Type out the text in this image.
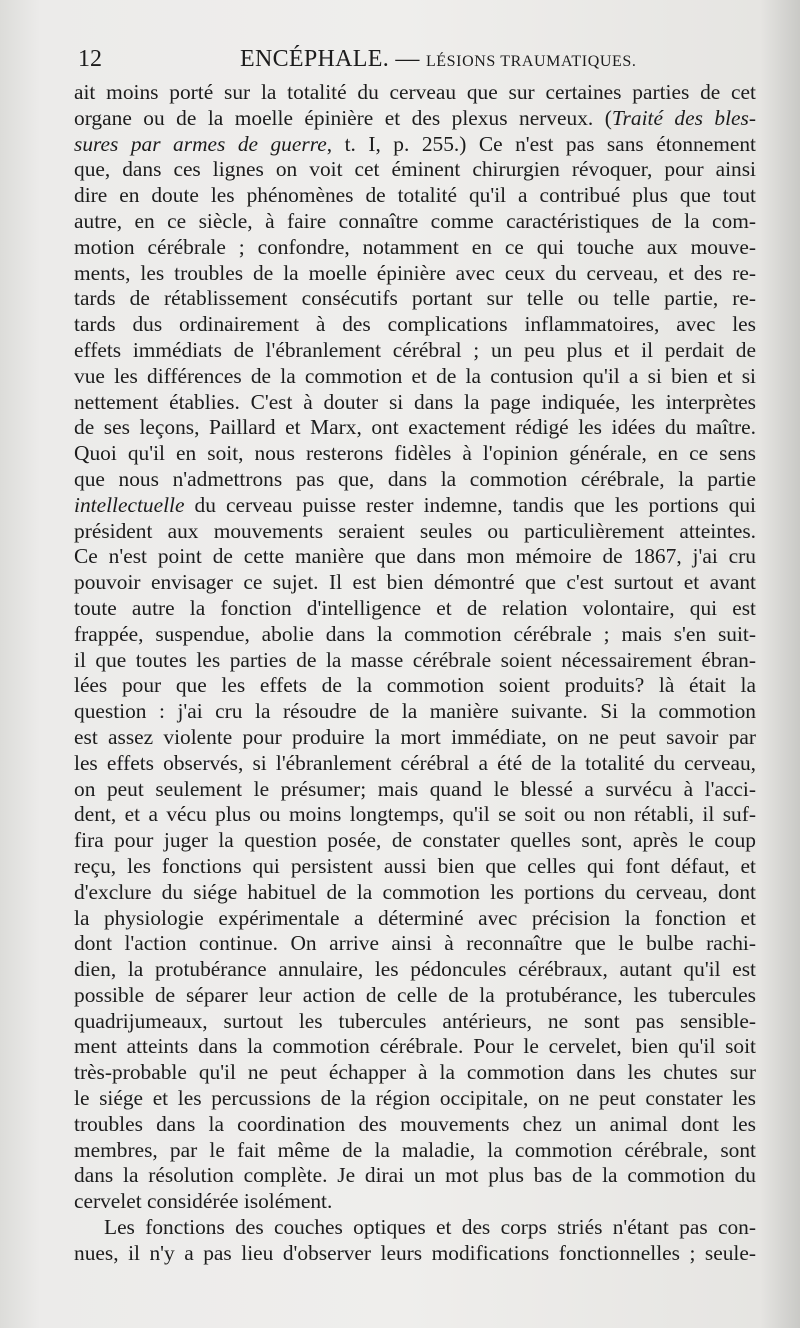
12	ENCÉPHALE. — LÉSIONS TRAUMATIQUES.
ait moins porté sur la totalité du cerveau que sur certaines parties de cet
organe ou de la moelle épinière et des plexus nerveux. (Traité des bles-
sures par armes de guerre, t. I, p. 255.) Ce n'est pas sans étonnement
que, dans ces lignes on voit cet éminent chirurgien révoquer, pour ainsi
dire en doute les phénomènes de totalité qu'il a contribué plus que tout
autre, en ce siècle, à faire connaître comme caractéristiques de la com-
motion cérébrale ; confondre, notamment en ce qui touche aux mouve-
ments, les troubles de la moelle épinière avec ceux du cerveau, et des re-
tards de rétablissement consécutifs portant sur telle ou telle partie, re-
tards dus ordinairement à des complications inflammatoires, avec les
effets immédiats de l'ébranlement cérébral ; un peu plus et il perdait de
vue les différences de la commotion et de la contusion qu'il a si bien et si
nettement établies. C'est à douter si dans la page indiquée, les interprètes
de ses leçons, Paillard et Marx, ont exactement rédigé les idées du maître.
Quoi qu'il en soit, nous resterons fidèles à l'opinion générale, en ce sens
que nous n'admettrons pas que, dans la commotion cérébrale, la partie
intellectuelle du cerveau puisse rester indemne, tandis que les portions qui
président aux mouvements seraient seules ou particulièrement atteintes.
Ce n'est point de cette manière que dans mon mémoire de 1867, j'ai cru
pouvoir envisager ce sujet. Il est bien démontré que c'est surtout et avant
toute autre la fonction d'intelligence et de relation volontaire, qui est
frappée, suspendue, abolie dans la commotion cérébrale ; mais s'en suit-
il que toutes les parties de la masse cérébrale soient nécessairement ébran-
lées pour que les effets de la commotion soient produits? là était la
question : j'ai cru la résoudre de la manière suivante. Si la commotion
est assez violente pour produire la mort immédiate, on ne peut savoir par
les effets observés, si l'ébranlement cérébral a été de la totalité du cerveau,
on peut seulement le présumer; mais quand le blessé a survécu à l'acci-
dent, et a vécu plus ou moins longtemps, qu'il se soit ou non rétabli, il suf-
fira pour juger la question posée, de constater quelles sont, après le coup
reçu, les fonctions qui persistent aussi bien que celles qui font défaut, et
d'exclure du siége habituel de la commotion les portions du cerveau, dont
la physiologie expérimentale a déterminé avec précision la fonction et
dont l'action continue. On arrive ainsi à reconnaître que le bulbe rachi-
dien, la protubérance annulaire, les pédoncules cérébraux, autant qu'il est
possible de séparer leur action de celle de la protubérance, les tubercules
quadrijumeaux, surtout les tubercules antérieurs, ne sont pas sensible-
ment atteints dans la commotion cérébrale. Pour le cervelet, bien qu'il soit
très-probable qu'il ne peut échapper à la commotion dans les chutes sur
le siége et les percussions de la région occipitale, on ne peut constater les
troubles dans la coordination des mouvements chez un animal dont les
membres, par le fait même de la maladie, la commotion cérébrale, sont
dans la résolution complète. Je dirai un mot plus bas de la commotion du
cervelet considérée isolément.
Les fonctions des couches optiques et des corps striés n'étant pas con-
nues, il n'y a pas lieu d'observer leurs modifications fonctionnelles ; seule-
